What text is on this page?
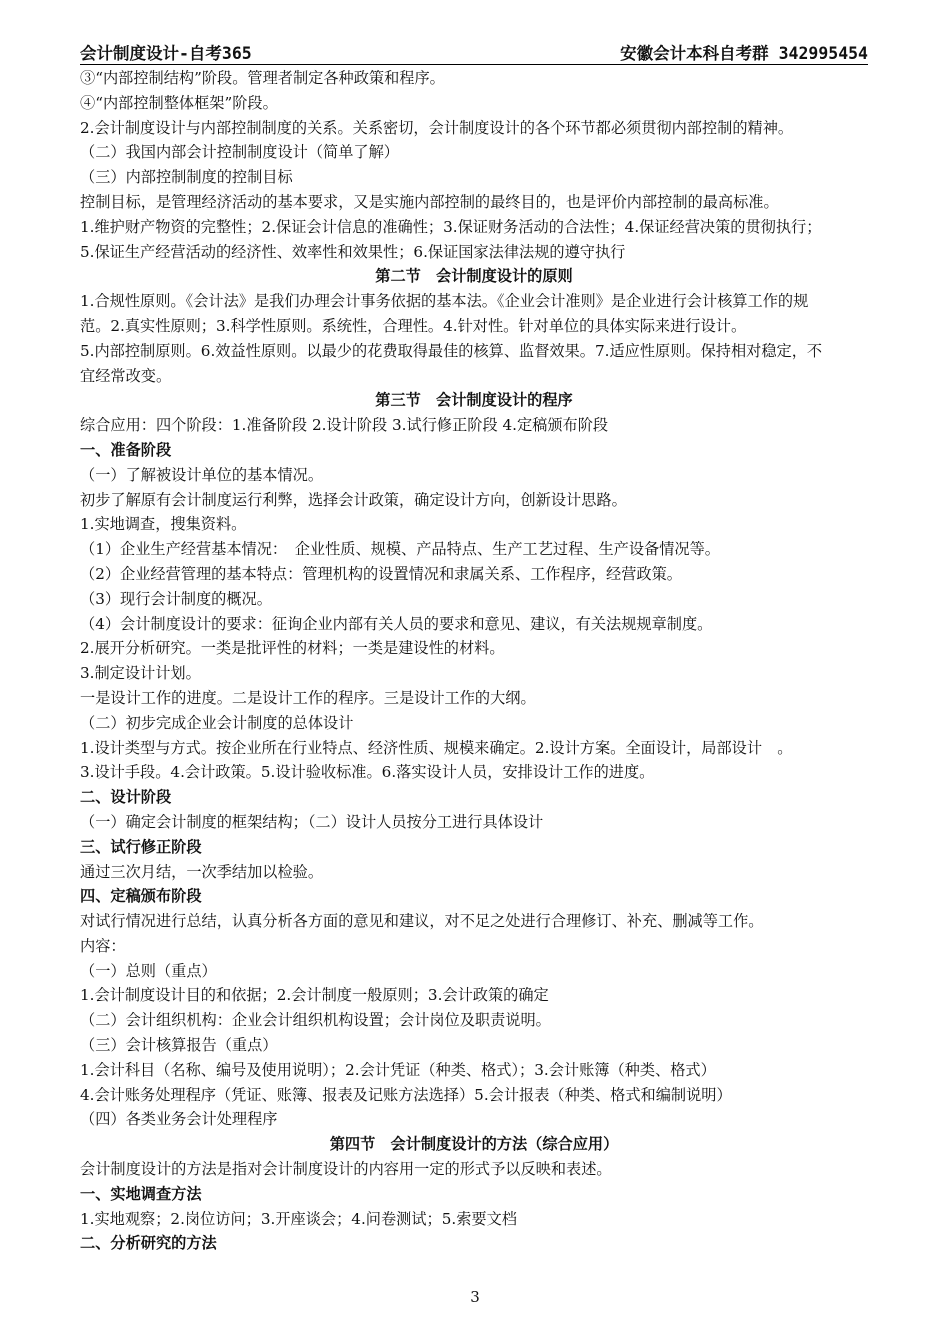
会计制度设计-自考365	安徽会计本科自考群 342995454
③“内部控制结构”阶段。管理者制定各种政策和程序。
④“内部控制整体框架”阶段。
2.会计制度设计与内部控制制度的关系。关系密切，会计制度设计的各个环节都必须贯彻内部控制的精神。
（二）我国内部会计控制制度设计（简单了解）
（三）内部控制制度的控制目标
控制目标，是管理经济活动的基本要求，又是实施内部控制的最终目的，也是评价内部控制的最高标准。
1.维护财产物资的完整性；2.保证会计信息的准确性；3.保证财务活动的合法性；4.保证经营决策的贯彻执行；
5.保证生产经营活动的经济性、效率性和效果性；6.保证国家法律法规的遵守执行
第二节　会计制度设计的原则
1.合规性原则。《会计法》是我们办理会计事务依据的基本法。《企业会计准则》是企业进行会计核算工作的规
范。2.真实性原则；3.科学性原则。系统性，合理性。4.针对性。针对单位的具体实际来进行设计。
5.内部控制原则。6.效益性原则。以最少的花费取得最佳的核算、监督效果。7.适应性原则。保持相对稳定，不
宜经常改变。
第三节　会计制度设计的程序
综合应用：四个阶段：1.准备阶段 2.设计阶段 3.试行修正阶段 4.定稿颁布阶段
一、准备阶段
（一）了解被设计单位的基本情况。
初步了解原有会计制度运行利弊，选择会计政策，确定设计方向，创新设计思路。
1.实地调查，搜集资料。
（1）企业生产经营基本情况：　企业性质、规模、产品特点、生产工艺过程、生产设备情况等。
（2）企业经营管理的基本特点：管理机构的设置情况和隶属关系、工作程序，经营政策。
（3）现行会计制度的概况。
（4）会计制度设计的要求：征询企业内部有关人员的要求和意见、建议，有关法规规章制度。
2.展开分析研究。一类是批评性的材料；一类是建设性的材料。
3.制定设计计划。
一是设计工作的进度。二是设计工作的程序。三是设计工作的大纲。
（二）初步完成企业会计制度的总体设计
1.设计类型与方式。按企业所在行业特点、经济性质、规模来确定。2.设计方案。全面设计，局部设计　。
3.设计手段。4.会计政策。5.设计验收标准。6.落实设计人员，安排设计工作的进度。
二、设计阶段
（一）确定会计制度的框架结构；（二）设计人员按分工进行具体设计
三、试行修正阶段
通过三次月结，一次季结加以检验。
四、定稿颁布阶段
对试行情况进行总结，认真分析各方面的意见和建议，对不足之处进行合理修订、补充、删减等工作。
内容：
（一）总则（重点）
1.会计制度设计目的和依据；2.会计制度一般原则；3.会计政策的确定
（二）会计组织机构：企业会计组织机构设置；会计岗位及职责说明。
（三）会计核算报告（重点）
1.会计科目（名称、编号及使用说明）；2.会计凭证（种类、格式）；3.会计账簿（种类、格式）
4.会计账务处理程序（凭证、账簿、报表及记账方法选择）5.会计报表（种类、格式和编制说明）
（四）各类业务会计处理程序
第四节　会计制度设计的方法（综合应用）
会计制度设计的方法是指对会计制度设计的内容用一定的形式予以反映和表述。
一、实地调查方法
1.实地观察；2.岗位访问；3.开座谈会；4.问卷测试；5.索要文档
二、分析研究的方法
3
